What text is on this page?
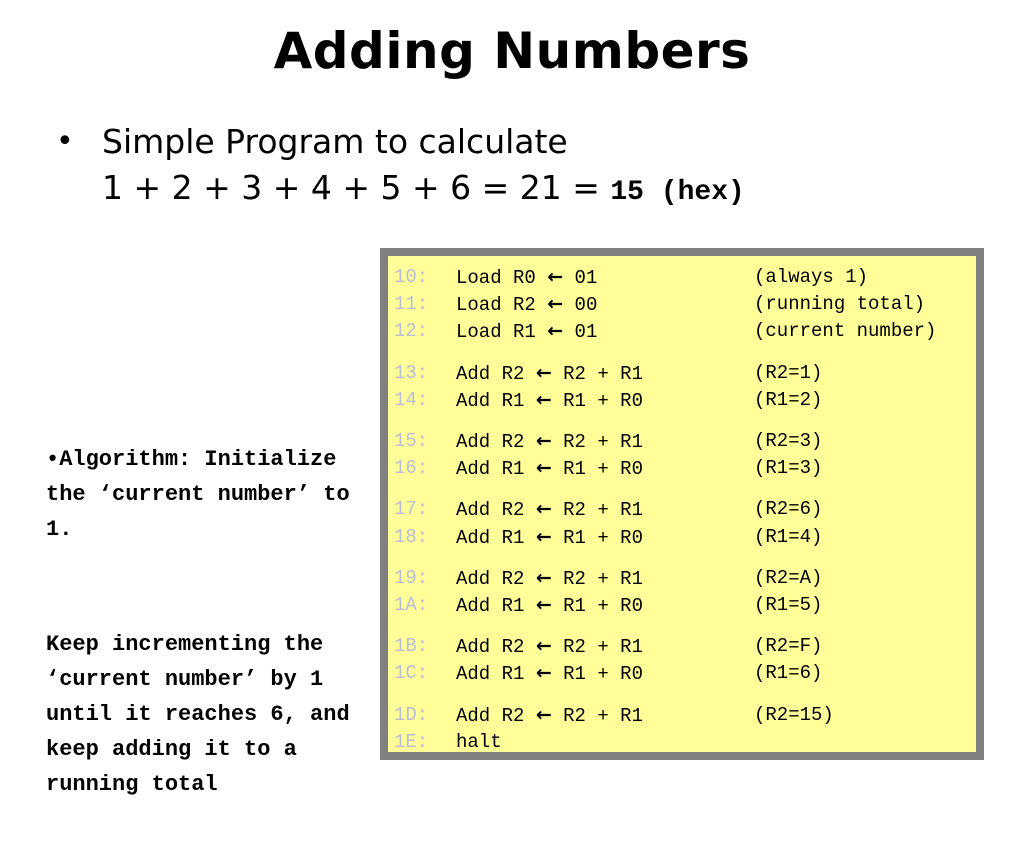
Adding Numbers
• Simple Program to calculate
1 + 2 + 3 + 4 + 5 + 6 = 21 = 15 (hex)

•Algorithm: Initialize the ‘current number’ to 1.

Keep incrementing the ‘current number’ by 1 until it reaches 6, and keep adding it to a running total

10: Load R0 ← 01	(always 1)
11: Load R2 ← 00	(running total)
12: Load R1 ← 01	(current number)
13: Add R2 ← R2 + R1	(R2=1)
14: Add R1 ← R1 + R0	(R1=2)
15: Add R2 ← R2 + R1	(R2=3)
16: Add R1 ← R1 + R0	(R1=3)
17: Add R2 ← R2 + R1	(R2=6)
18: Add R1 ← R1 + R0	(R1=4)
19: Add R2 ← R2 + R1	(R2=A)
1A: Add R1 ← R1 + R0	(R1=5)
1B: Add R2 ← R2 + R1	(R2=F)
1C: Add R1 ← R1 + R0	(R1=6)
1D: Add R2 ← R2 + R1	(R2=15)
1E: halt
